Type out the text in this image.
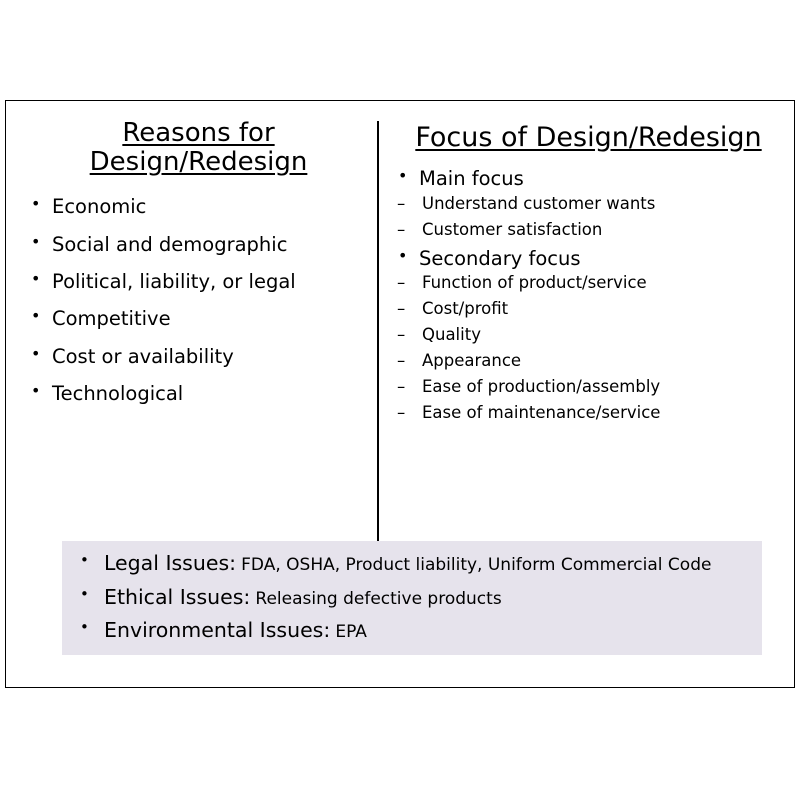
Reasons for Design/Redesign
• Economic
• Social and demographic
• Political, liability, or legal
• Competitive
• Cost or availability
• Technological
Focus of Design/Redesign
• Main focus
– Understand customer wants
– Customer satisfaction
• Secondary focus
– Function of product/service
– Cost/profit
– Quality
– Appearance
– Ease of production/assembly
– Ease of maintenance/service
• Legal Issues: FDA, OSHA, Product liability, Uniform Commercial Code
• Ethical Issues: Releasing defective products
• Environmental Issues: EPA
